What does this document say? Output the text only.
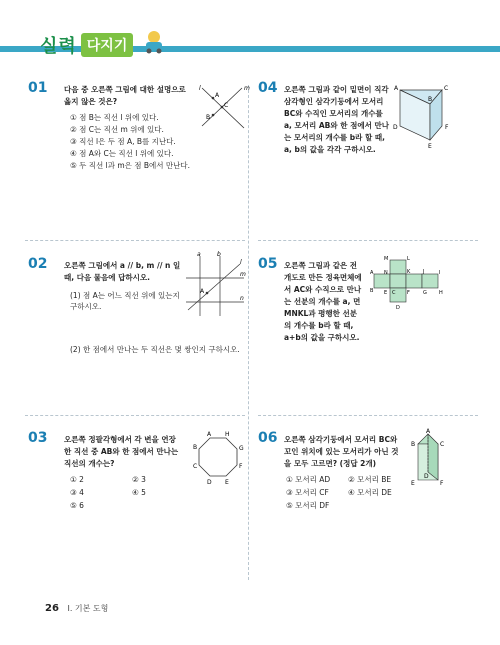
실력 다지기
01 다음 중 오른쪽 그림에 대한 설명으로 옳지 않은 것은?
① 점 B는 직선 l 위에 있다.
② 점 C는 직선 m 위에 있다.
③ 직선 l은 두 점 A, B를 지난다.
④ 점 A와 C는 직선 l 위에 있다.
⑤ 두 직선 l과 m은 점 B에서 만난다.
l	m
A
C
B
04 오른쪽 그림과 같이 밑면이 직각삼각형인 삼각기둥에서 모서리 BC와 수직인 모서리의 개수를 a, 모서리 AB와 한 점에서 만나는 모서리의 개수를 b라 할 때, a, b의 값을 각각 구하시오.
A	C
B
D	F
E
02 오른쪽 그림에서 a // b, m // n 일 때, 다음 물음에 답하시오.
(1) 점 A는 어느 직선 위에 있는지 구하시오.
(2) 한 점에서 만나는 두 직선은 몇 쌍인지 구하시오.
a	b
l
m
n
A
05 오른쪽 그림과 같은 전개도로 만든 정육면체에서 AC와 수직으로 만나는 선분의 개수를 a, 면 MNKL과 평행한 선분의 개수를 b라 할 때, a+b의 값을 구하시오.
M	L
A N	K	J	I
B E C F	G H
D
03 오른쪽 정팔각형에서 각 변을 연장한 직선 중 AB와 한 점에서 만나는 직선의 개수는?
① 2	② 3
③ 4	④ 5
⑤ 6
A H
B	G
C	F
D E
06 오른쪽 삼각기둥에서 모서리 BC와 꼬인 위치에 있는 모서리가 아닌 것을 모두 고르면? (정답 2개)
① 모서리 AD ② 모서리 BE
③ 모서리 CF	④ 모서리 DE
⑤ 모서리 DF
A
B	C
D
E	F
26 I. 기본 도형
